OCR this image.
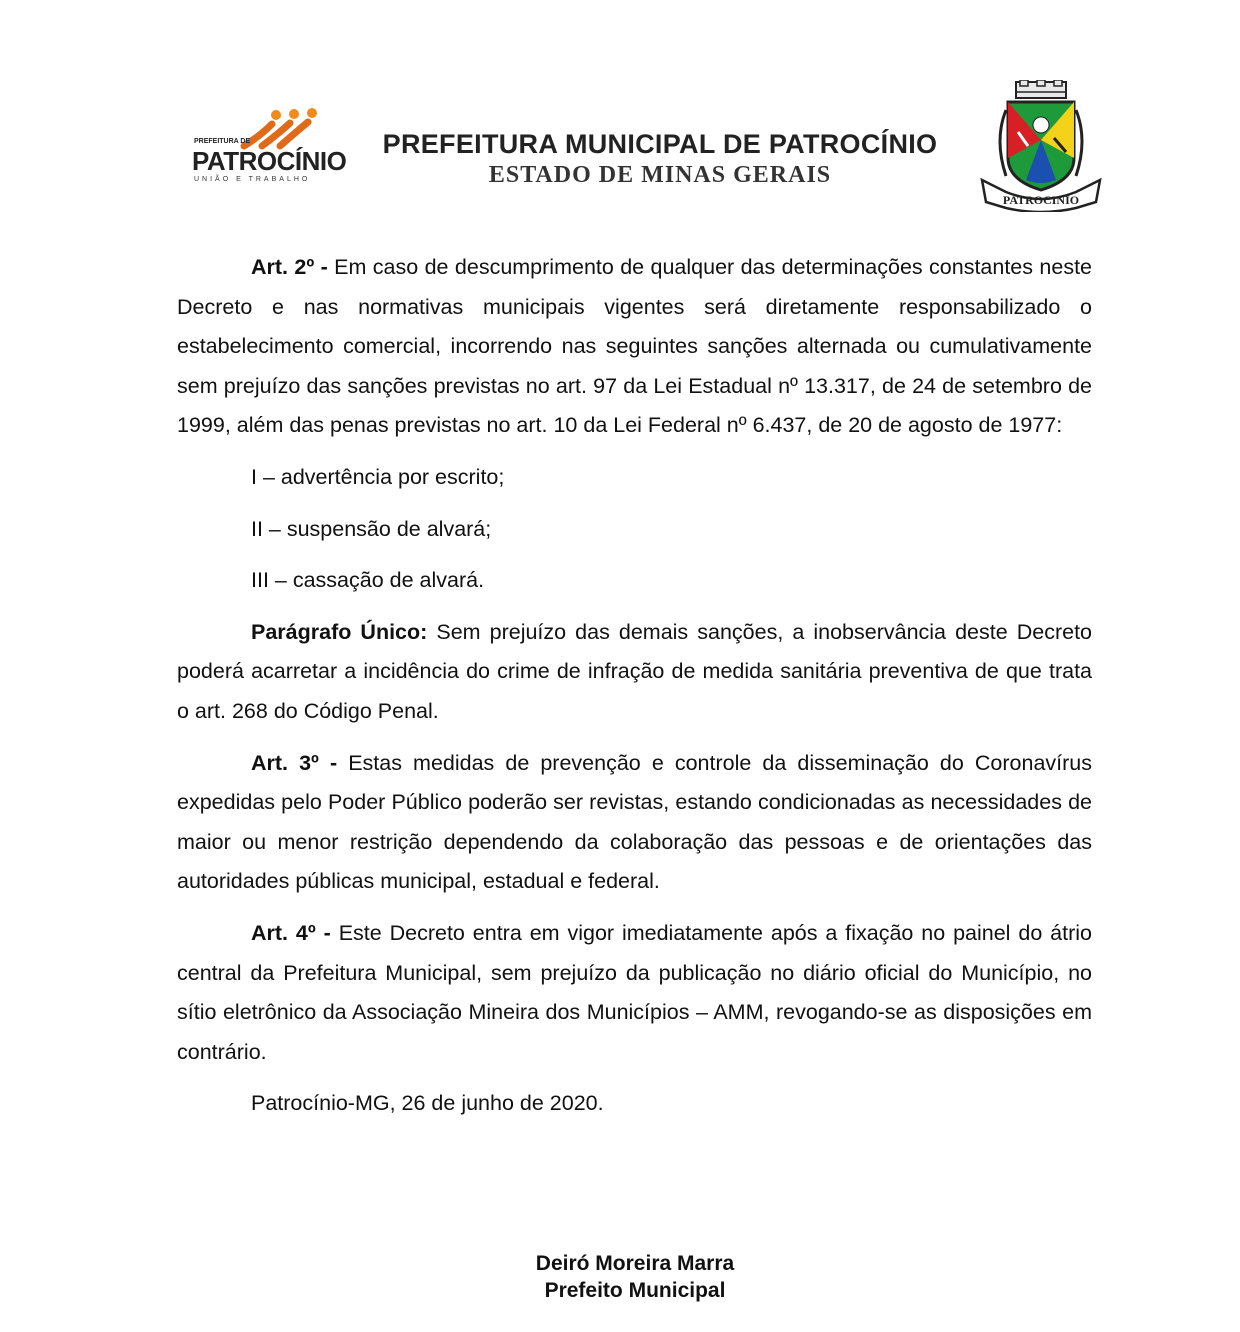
PREFEITURA DE
PATROCÍNIO
UNIÃO E TRABALHO
PREFEITURA MUNICIPAL DE PATROCÍNIO
ESTADO DE MINAS GERAIS
PATROCINIO

Art. 2º - Em caso de descumprimento de qualquer das determinações constantes neste Decreto e nas normativas municipais vigentes será diretamente responsabilizado o estabelecimento comercial, incorrendo nas seguintes sanções alternada ou cumulativamente sem prejuízo das sanções previstas no art. 97 da Lei Estadual nº 13.317, de 24 de setembro de 1999, além das penas previstas no art. 10 da Lei Federal nº 6.437, de 20 de agosto de 1977:

I – advertência por escrito;

II – suspensão de alvará;

III – cassação de alvará.

Parágrafo Único: Sem prejuízo das demais sanções, a inobservância deste Decreto poderá acarretar a incidência do crime de infração de medida sanitária preventiva de que trata o art. 268 do Código Penal.

Art. 3º - Estas medidas de prevenção e controle da disseminação do Coronavírus expedidas pelo Poder Público poderão ser revistas, estando condicionadas as necessidades de maior ou menor restrição dependendo da colaboração das pessoas e de orientações das autoridades públicas municipal, estadual e federal.

Art. 4º - Este Decreto entra em vigor imediatamente após a fixação no painel do átrio central da Prefeitura Municipal, sem prejuízo da publicação no diário oficial do Município, no sítio eletrônico da Associação Mineira dos Municípios – AMM, revogando-se as disposições em contrário.

Patrocínio-MG, 26 de junho de 2020.

Deiró Moreira Marra
Prefeito Municipal
